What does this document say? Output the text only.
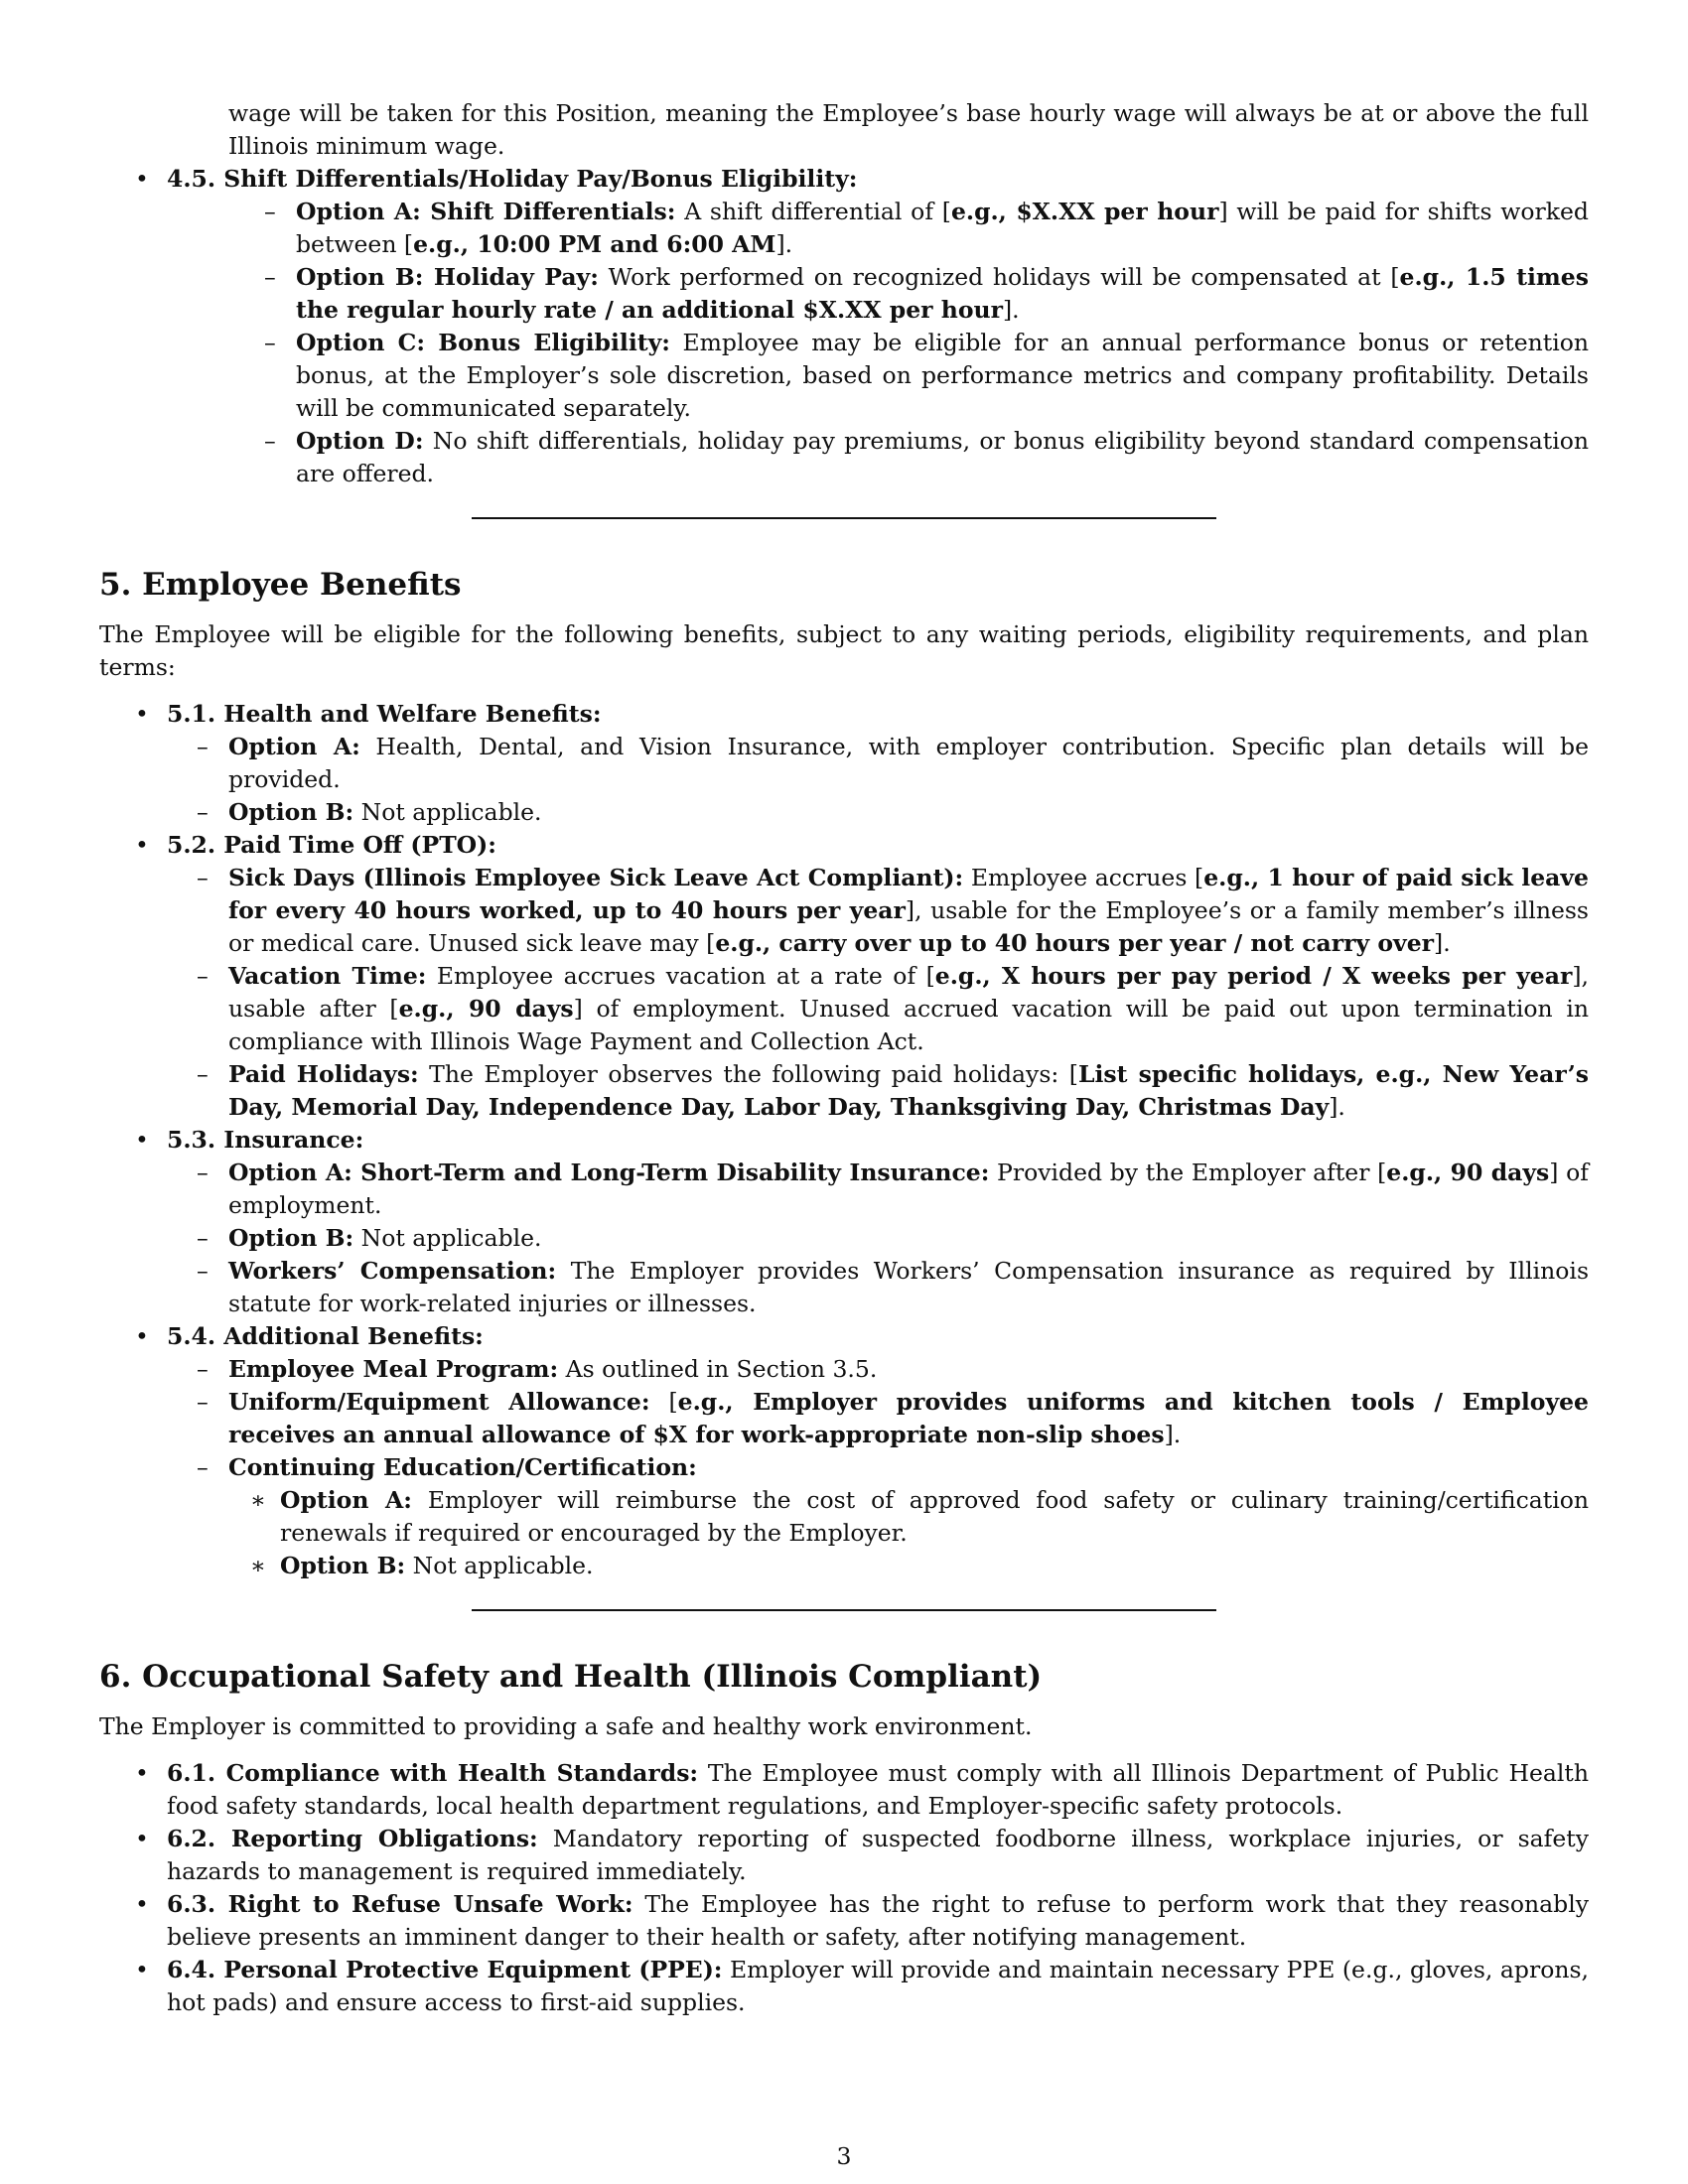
wage will be taken for this Position, meaning the Employee’s base hourly wage will always be at or above the full Illinois minimum wage.
• 4.5. Shift Differentials/Holiday Pay/Bonus Eligibility:
– Option A: Shift Differentials: A shift differential of [e.g., $X.XX per hour] will be paid for shifts worked between [e.g., 10:00 PM and 6:00 AM].
– Option B: Holiday Pay: Work performed on recognized holidays will be compensated at [e.g., 1.5 times the regular hourly rate / an additional $X.XX per hour].
– Option C: Bonus Eligibility: Employee may be eligible for an annual performance bonus or retention bonus, at the Employer’s sole discretion, based on performance metrics and company profitability. Details will be communicated separately.
– Option D: No shift differentials, holiday pay premiums, or bonus eligibility beyond standard compensation are offered.
5. Employee Benefits

The Employee will be eligible for the following benefits, subject to any waiting periods, eligibility requirements, and plan terms:

• 5.1. Health and Welfare Benefits:
– Option A: Health, Dental, and Vision Insurance, with employer contribution. Specific plan details will be provided.
– Option B: Not applicable.
• 5.2. Paid Time Off (PTO):
– Sick Days (Illinois Employee Sick Leave Act Compliant): Employee accrues [e.g., 1 hour of paid sick leave for every 40 hours worked, up to 40 hours per year], usable for the Employee’s or a family member’s illness or medical care. Unused sick leave may [e.g., carry over up to 40 hours per year / not carry over].
– Vacation Time: Employee accrues vacation at a rate of [e.g., X hours per pay period / X weeks per year], usable after [e.g., 90 days] of employment. Unused accrued vacation will be paid out upon termination in compliance with Illinois Wage Payment and Collection Act.
– Paid Holidays: The Employer observes the following paid holidays: [List specific holidays, e.g., New Year’s Day, Memorial Day, Independence Day, Labor Day, Thanksgiving Day, Christmas Day].
• 5.3. Insurance:
– Option A: Short-Term and Long-Term Disability Insurance: Provided by the Employer after [e.g., 90 days] of employment.
– Option B: Not applicable.
– Workers’ Compensation: The Employer provides Workers’ Compensation insurance as required by Illinois statute for work-related injuries or illnesses.
• 5.4. Additional Benefits:
– Employee Meal Program: As outlined in Section 3.5.
– Uniform/Equipment Allowance: [e.g., Employer provides uniforms and kitchen tools / Employee receives an annual allowance of $X for work-appropriate non-slip shoes].
– Continuing Education/Certification:
∗ Option A: Employer will reimburse the cost of approved food safety or culinary training/certification renewals if required or encouraged by the Employer.
∗ Option B: Not applicable.
6. Occupational Safety and Health (Illinois Compliant)

The Employer is committed to providing a safe and healthy work environment.

• 6.1. Compliance with Health Standards: The Employee must comply with all Illinois Department of Public Health food safety standards, local health department regulations, and Employer-specific safety protocols.
• 6.2. Reporting Obligations: Mandatory reporting of suspected foodborne illness, workplace injuries, or safety hazards to management is required immediately.
• 6.3. Right to Refuse Unsafe Work: The Employee has the right to refuse to perform work that they reasonably believe presents an imminent danger to their health or safety, after notifying management.
• 6.4. Personal Protective Equipment (PPE): Employer will provide and maintain necessary PPE (e.g., gloves, aprons, hot pads) and ensure access to first-aid supplies.
3
